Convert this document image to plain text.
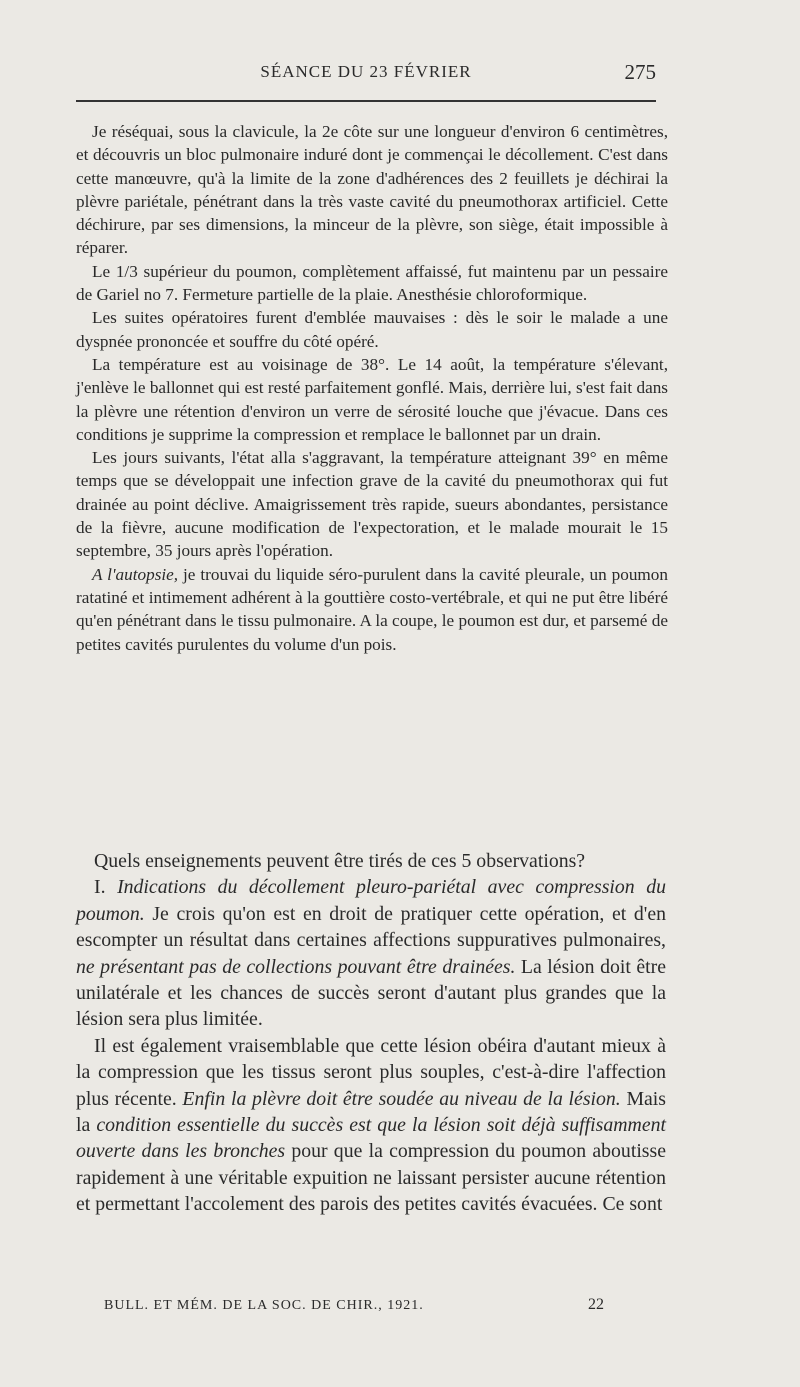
SÉANCE DU 23 FÉVRIER	275

Je réséquai, sous la clavicule, la 2e côte sur une longueur d'environ 6 centimètres, et découvris un bloc pulmonaire induré dont je commençai le décollement. C'est dans cette manœuvre, qu'à la limite de la zone d'adhérences des 2 feuillets je déchirai la plèvre pariétale, pénétrant dans la très vaste cavité du pneumothorax artificiel. Cette déchirure, par ses dimensions, la minceur de la plèvre, son siège, était impossible à réparer.

Le 1/3 supérieur du poumon, complètement affaissé, fut maintenu par un pessaire de Gariel no 7. Fermeture partielle de la plaie. Anesthésie chloroformique.

Les suites opératoires furent d'emblée mauvaises : dès le soir le malade a une dyspnée prononcée et souffre du côté opéré.

La température est au voisinage de 38°. Le 14 août, la température s'élevant, j'enlève le ballonnet qui est resté parfaitement gonflé. Mais, derrière lui, s'est fait dans la plèvre une rétention d'environ un verre de sérosité louche que j'évacue. Dans ces conditions je supprime la compression et remplace le ballonnet par un drain.

Les jours suivants, l'état alla s'aggravant, la température atteignant 39° en même temps que se développait une infection grave de la cavité du pneumothorax qui fut drainée au point déclive. Amaigrissement très rapide, sueurs abondantes, persistance de la fièvre, aucune modification de l'expectoration, et le malade mourait le 15 septembre, 35 jours après l'opération.

A l'autopsie, je trouvai du liquide séro-purulent dans la cavité pleurale, un poumon ratatiné et intimement adhérent à la gouttière costo-vertébrale, et qui ne put être libéré qu'en pénétrant dans le tissu pulmonaire. A la coupe, le poumon est dur, et parsemé de petites cavités purulentes du volume d'un pois.

Quels enseignements peuvent être tirés de ces 5 observations?

I. Indications du décollement pleuro-pariétal avec compression du poumon. Je crois qu'on est en droit de pratiquer cette opération, et d'en escompter un résultat dans certaines affections suppuratives pulmonaires, ne présentant pas de collections pouvant être drainées. La lésion doit être unilatérale et les chances de succès seront d'autant plus grandes que la lésion sera plus limitée.

Il est également vraisemblable que cette lésion obéira d'autant mieux à la compression que les tissus seront plus souples, c'est-à-dire l'affection plus récente. Enfin la plèvre doit être soudée au niveau de la lésion. Mais la condition essentielle du succès est que la lésion soit déjà suffisamment ouverte dans les bronches pour que la compression du poumon aboutisse rapidement à une véritable expuition ne laissant persister aucune rétention et permettant l'accolement des parois des petites cavités évacuées. Ce sont

BULL. ET MÉM. DE LA SOC. DE CHIR., 1921.	22
